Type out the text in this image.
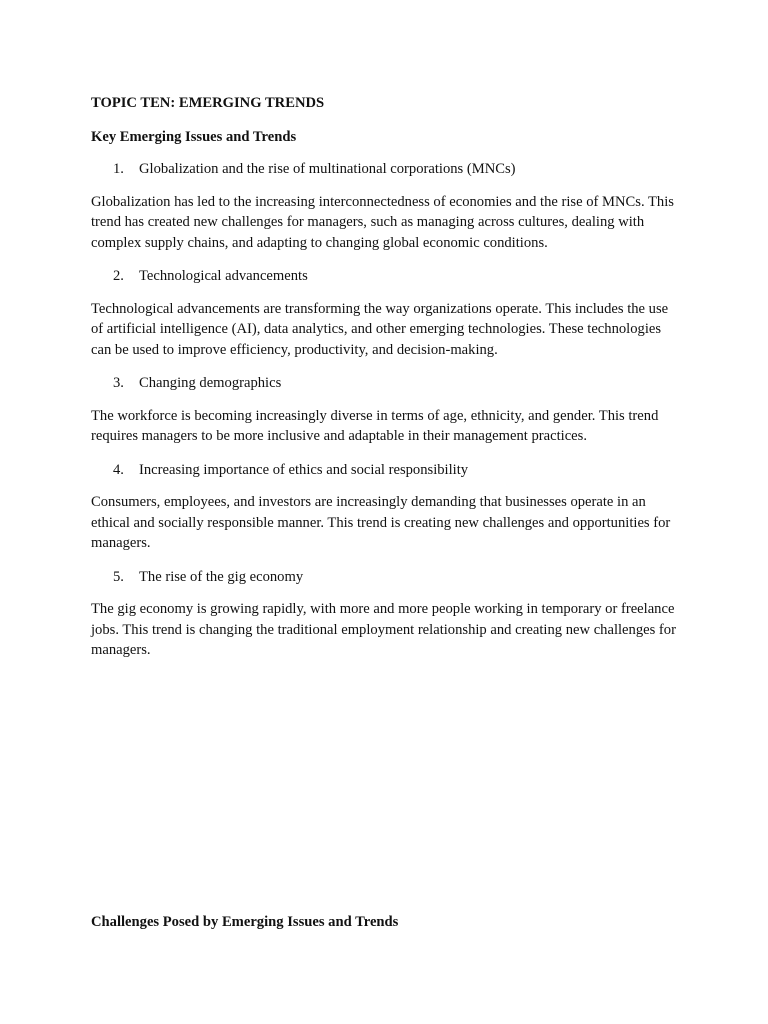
TOPIC TEN: EMERGING TRENDS

Key Emerging Issues and Trends

1.	Globalization and the rise of multinational corporations (MNCs)

Globalization has led to the increasing interconnectedness of economies and the rise of MNCs. This trend has created new challenges for managers, such as managing across cultures, dealing with complex supply chains, and adapting to changing global economic conditions.

2.	Technological advancements

Technological advancements are transforming the way organizations operate. This includes the use of artificial intelligence (AI), data analytics, and other emerging technologies. These technologies can be used to improve efficiency, productivity, and decision-making.

3.	Changing demographics

The workforce is becoming increasingly diverse in terms of age, ethnicity, and gender. This trend requires managers to be more inclusive and adaptable in their management practices.

4.	Increasing importance of ethics and social responsibility

Consumers, employees, and investors are increasingly demanding that businesses operate in an ethical and socially responsible manner. This trend is creating new challenges and opportunities for managers.

5.	The rise of the gig economy

The gig economy is growing rapidly, with more and more people working in temporary or freelance jobs. This trend is changing the traditional employment relationship and creating new challenges for managers.

Challenges Posed by Emerging Issues and Trends
